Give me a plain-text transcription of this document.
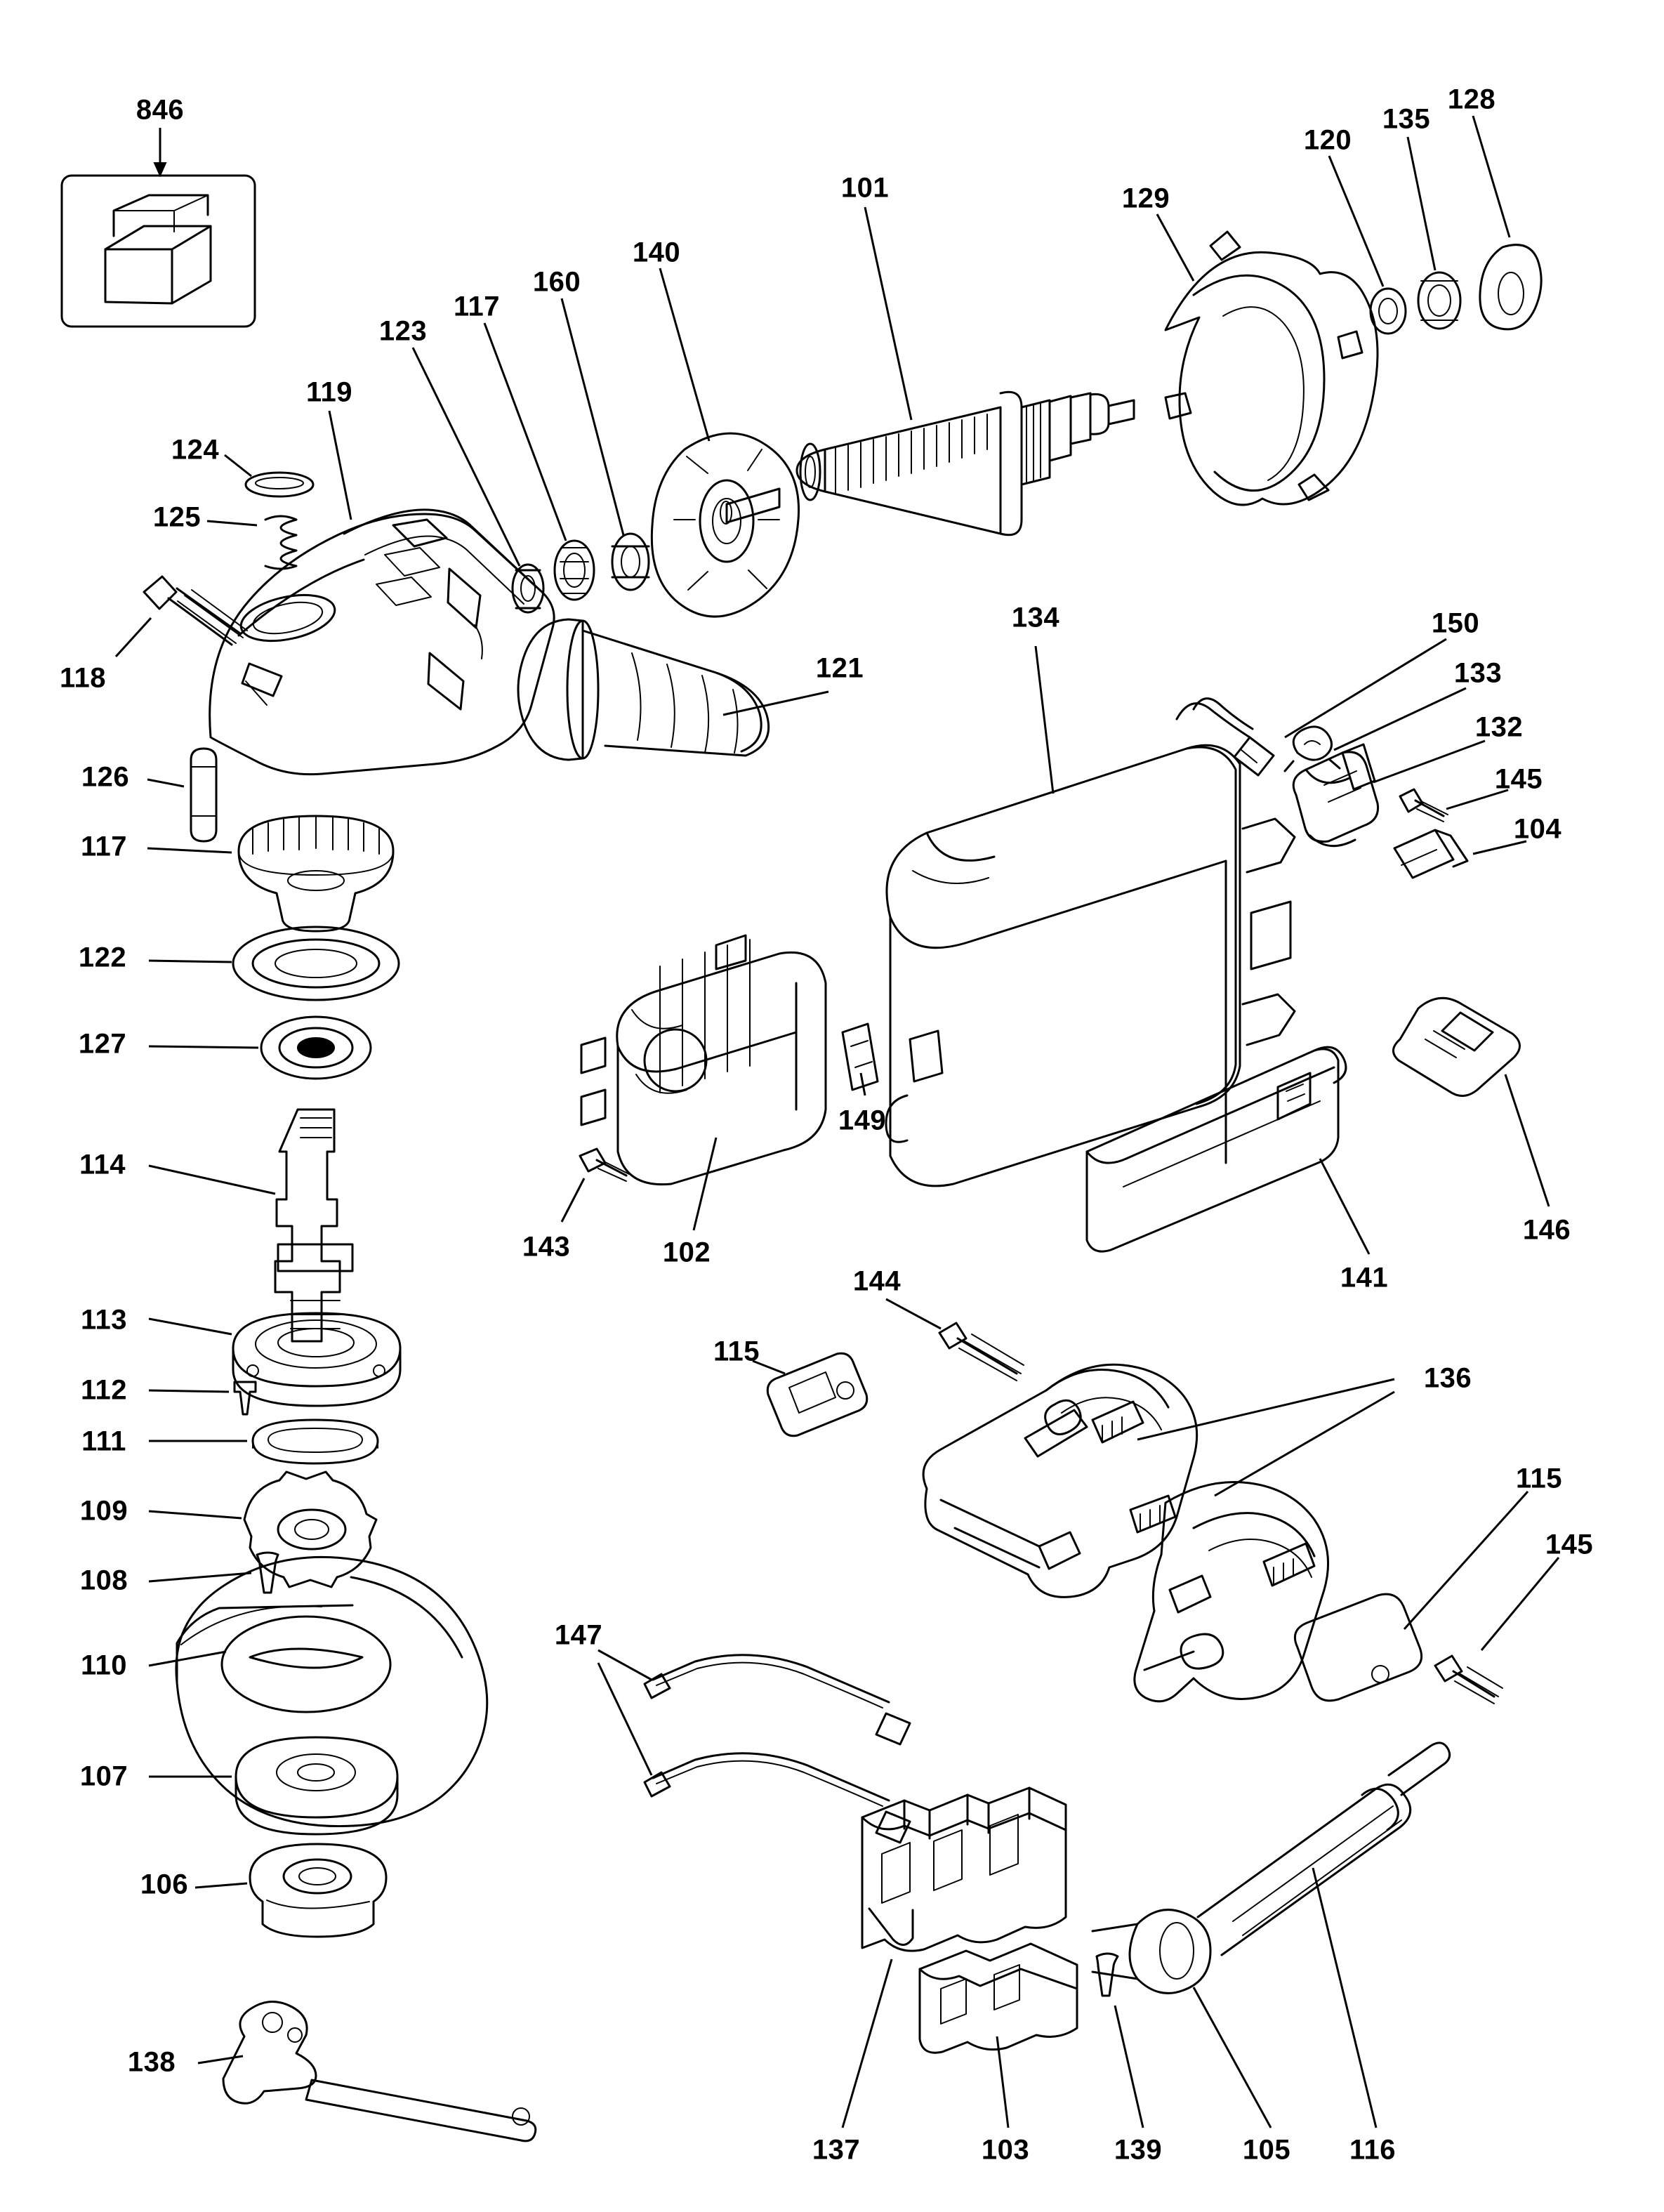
846
101	129
120
135
128
140
160
117
123
119
124
125
118	121
134	150
133
132
145
104
126
117
122
127
114
149
143	102
141
146
113
112
111
109
108
110
107
106
138
144
115
136
115
145
147
137	103	139	105 116
